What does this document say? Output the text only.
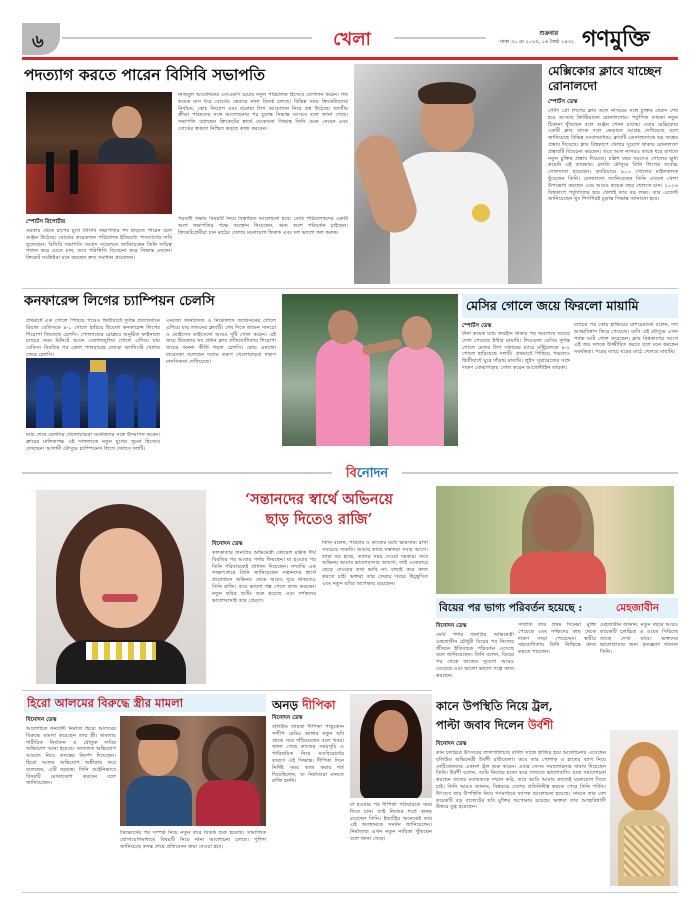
৬	খেলা	শুক্রবার
ঢাকা ৩০ মে ২০২৫, ১৬ জৈষ্ঠ ১৪৩২ গণমুক্তি
পদত্যাগ করতে পারেন বিসিবি সভাপতি
স্পোর্টস রিপোর্টার
সরকার থেকে চাপের মুখে বিসিবি সভাপতির পদ ছাড়তে পারেন বলে গুঞ্জন উঠেছে। বোর্ডের কয়েকজন পরিচালক ইতিমধ্যে পদত্যাগের দাবি তুলেছেন। বিসিবি সভাপতি সংবাদ সম্মেলনে জানিয়েছেন তিনি দায়িত্ব পালন করে যেতে চান, তবে পরিস্থিতি বিবেচনা করে সিদ্ধান্ত নেবেন। ক্রিকেট সংশ্লিষ্টরা মনে করছেন দ্রুত সমাধান প্রয়োজন।
নাজমুল আবেদিনের এসএমসি চেয়ার নতুন পরিচালক হিসেবে যোগদান করেন। গত কয়েক মাস ধরে বোর্ডের ভেতরে নানা বিতর্ক চলছে। বিভিন্ন সময় ক্রিকেটারদের নির্বাচন, কোচ নিয়োগ এবং ঘরোয়া লিগ আয়োজন নিয়ে প্রশ্ন উঠেছে। জাতীয় ক্রীড়া পরিষদের সঙ্গে আলোচনার পর চূড়ান্ত সিদ্ধান্ত আসবে বলে জানা গেছে। সভাপতি বলেছেন ক্রিকেটের স্বার্থে যেকোনো সিদ্ধান্ত তিনি মেনে নেবেন এবং বোর্ডের স্বচ্ছতা নিশ্চিত করতে কাজ করবেন।
পরবর্তী সভায় বিষয়টি নিয়ে বিস্তারিত আলোচনা হবে। বোর্ড পরিচালকদের একটি অংশ সভাপতির পক্ষে অবস্থান নিয়েছেন, অন্য অংশ পরিবর্তন চাইছেন। ক্রিকেটপ্রেমীরা চান মাঠের খেলায় মনোযোগ ফিরুক এবং দল ভালো ফল করুক।
মেক্সিকোর ক্লাবে যাচ্ছেন রোনালদো
স্পোর্টস ডেস্ক
সৌদি প্রো লিগের ক্লাব আল নাসরের সঙ্গে চুক্তির মেয়াদ শেষ হয়ে আসছে ক্রিস্টিয়ানো রোনালদোর। পর্তুগিজ তারকা নতুন ঠিকানা খুঁজছেন বলে গুঞ্জন শোনা যাচ্ছে। এবার মেক্সিকোর একটি ক্লাব তাকে দলে ভেড়াতে আগ্রহ দেখিয়েছে বলে জানিয়েছে বিভিন্ন সংবাদমাধ্যম। ক্লাবটি রোনালদোকে বড় অঙ্কের প্রস্তাব দিয়েছে। ক্লাব বিশ্বকাপে খেলার সুযোগ থাকায় রোনালদো প্রস্তাবটি বিবেচনা করছেন। তবে আল নাসরও তাকে ধরে রাখতে নতুন চুক্তির প্রস্তাব দিয়েছে। চল্লিশ বছর বয়সেও গোলের ক্ষুধা কমেনি এই তারকার। চলতি মৌসুমে তিনি লিগের সর্বোচ্চ গোলদাতা হয়েছেন। ক্যারিয়ারে ৯০০ গোলের মাইলফলক ছুঁয়েছেন তিনি। রোনালদো জানিয়েছেন তিনি এখনো খেলা উপভোগ করছেন এবং আরও কয়েক বছর খেলতে চান। ২০২৬ বিশ্বকাপে পর্তুগালের হয়ে খেলাই তার বড় লক্ষ্য। তার এজেন্ট জানিয়েছেন খুব শিগগিরই চূড়ান্ত সিদ্ধান্ত জানানো হবে।
কনফারেন্স লিগের চ্যাম্পিয়ন চেলসি
প্রথমার্ধে এক গোলে পিছিয়ে পড়েও দ্বিতীয়ার্ধে দুর্দান্ত প্রত্যাবর্তনে রিয়াল বেতিসকে ৪-১ গোলে হারিয়ে উয়েফা কনফারেন্স লিগের শিরোপা জিতেছে চেলসি। পোল্যান্ডের রোক্লয়ে অনুষ্ঠিত ফাইনালে ম্যাচের নবম মিনিটে আব্দে এজালজুলির গোলে এগিয়ে যায় বেতিস। বিরতির পর কোল পালমারের জোড়া অ্যাসিস্টে খেলায় ফেরে চেলসি।
এনজো ফার্নান্দেজ ও নিকোলাস জ্যাকসনের গোলে এগিয়ে যায় লন্ডনের ক্লাবটি। শেষ দিকে জাডন সানচো ও মোইসেস কাইসেদো আরও দুটি গোল করেন। এই জয়ে উয়েফার সব প্রধান ক্লাব প্রতিযোগিতার শিরোপা জয়ের অনন্য কীর্তি গড়ল চেলসি। কোচ এনজো মারেসকা বলেছেন দলের তরুণ খেলোয়াড়রা দারুণ মানসিকতা দেখিয়েছে।
ম্যাচ শেষে চেলসির খেলোয়াড়রা সমর্থকদের সঙ্গে উদযাপন করেন। ক্লাবের মালিকপক্ষ এই সাফল্যকে নতুন যুগের সূচনা হিসেবে দেখছেন। আগামী মৌসুমে চ্যাম্পিয়নস লিগে খেলবে দলটি।
মেসির গোলে জয়ে ফিরলো মায়ামি
স্পোর্টস ডেস্ক
টানা কয়েক ম্যাচ জয়হীন থাকার পর অবশেষে জয়ের দেখা পেয়েছে ইন্টার মায়ামি। লিওনেল মেসির দুর্দান্ত গোলে মেজর লিগ সকারের ম্যাচে মন্ট্রিয়লকে ৪-২ গোলে হারিয়েছে দলটি। প্রথমার্ধে পিছিয়ে পড়লেও দ্বিতীয়ার্ধে ঘুরে দাঁড়ায় মায়ামি। লুইস সুয়ারেজের সঙ্গে দারুণ বোঝাপড়ায় গোল করেন আর্জেন্টাইন তারকা।
ম্যাচের পর কোচ হাভিয়ের মাশচেরানো বলেন, দল আত্মবিশ্বাস ফিরে পেয়েছে। মেসি এই মৌসুমে এখন পর্যন্ত আট গোল করেছেন। ক্লাব বিশ্বকাপের আগে এই জয় দলকে উজ্জীবিত করবে বলে মনে করছেন সমর্থকরা। পরের ম্যাচে ঘরের মাঠে খেলবে মায়ামি।
বিনোদন
‘সন্তানদের স্বার্থে অভিনয়ে
ছাড় দিতেও রাজি’
বিনোদন ডেস্ক
কলকাতার জনপ্রিয় অভিনেত্রী কোয়েল মল্লিক দীর্ঘ বিরতির পর আবার পর্দায় ফিরছেন। মা হওয়ার পর তিনি পরিবারকেই প্রাধান্য দিয়েছেন। সম্প্রতি এক সাক্ষাৎকারে তিনি জানিয়েছেন সন্তানদের স্বার্থে প্রয়োজনে অভিনয় থেকে আরও দূরে থাকতেও তিনি রাজি। তবে ভালো গল্প পেলে কাজ করবেন। নতুন ছবির শুটিং শুরু হয়েছে এবং দর্শকদের ভালোবাসাই তার প্রেরণা।
তিনি বলেন, পরিবার ও কাজের মধ্যে ভারসাম্য রাখা সবচেয়ে জরুরি। আমার কাছে সন্তানরা সবার আগে। তারা বড় হচ্ছে, তাদের সময় দেওয়া দরকার। তবে অভিনয় আমার ভালোবাসার জায়গা, তাই একেবারে ছেড়ে দেওয়ার কথা ভাবি না। বাছাই করে কাজ করতে চাই। ভক্তরা তার ফেরার খবরে উচ্ছ্বসিত এবং নতুন ছবির অপেক্ষায় রয়েছেন।
বিয়ের পর ভাগ্য পরিবর্তন হয়েছে :	মেহজাবীন
বিনোদন ডেস্ক
ছোট পর্দার জনপ্রিয় অভিনেত্রী মেহজাবীন চৌধুরী বিয়ের পর নিজের জীবনে ইতিবাচক পরিবর্তন এসেছে বলে জানিয়েছেন। তিনি বলেন, বিয়ের পর থেকে কাজের সুযোগ আরও বেড়েছে এবং ভালো ভালো গল্পে কাজ করছেন।
সম্প্রতি তার প্রথম সিনেমা মুক্তি পেয়েছে এবং দর্শকদের কাছ থেকে দারুণ সাড়া পেয়েছেন। স্বামীর সহযোগিতায় তিনি নিশ্চিন্তে কাজ করতে পারছেন।
মেহজাবীন জানান, নতুন বছরে আরও কয়েকটি চলচ্চিত্র ও ওয়েব সিরিজে তাকে দেখা যাবে। ভক্তদের ভালোবাসার জন্য কৃতজ্ঞতা জানান তিনি।
হিরো আলমের বিরুদ্ধে স্ত্রীর মামলা
বিনোদন ডেস্ক
আলোচিত কনটেন্ট নির্মাতা হিরো আলমের বিরুদ্ধে মামলা করেছেন তার স্ত্রী। মামলায় শারীরিক নির্যাতন ও যৌতুক দাবির অভিযোগ আনা হয়েছে। আদালত অভিযোগ আমলে নিয়ে তদন্তের নির্দেশ দিয়েছেন। হিরো আলম অভিযোগ অস্বীকার করে বলেছেন, এটি ষড়যন্ত্র। তিনি আইনিভাবে বিষয়টি মোকাবেলা করবেন বলে জানিয়েছেন।
ডিভোর্সের পর সম্পর্ক নিয়ে নতুন করে বিতর্ক শুরু হয়েছে। সামাজিক যোগাযোগমাধ্যমে বিষয়টি নিয়ে নানা আলোচনা চলছে। পুলিশ জানিয়েছে তদন্ত শেষে প্রতিবেদন জমা দেওয়া হবে।
অনড় দীপিকা
বিনোদন ডেস্ক
বলিউড তারকা দীপিকা পাড়ুকোন সন্দীপ রেড্ডি ভাঙ্গার নতুন ছবি থেকে সরে দাঁড়িয়েছেন বলে খবর। জানা গেছে কাজের সময়সূচি ও পারিশ্রমিক নিয়ে মতবিরোধের কারণে এই সিদ্ধান্ত। দীপিকা দিনে নির্দিষ্ট সময় কাজ করার শর্ত দিয়েছিলেন, যা নির্মাতারা মানতে রাজি হননি।
মা হওয়ার পর দীপিকা পরিবারকে সময় দিতে চান। তাই নিজের শর্তে অনড় রয়েছেন তিনি। ইন্ডাস্ট্রির অনেকেই তার এই অবস্থানকে সমর্থন জানিয়েছেন। নির্মাতারা এখন নতুন নায়িকা খুঁজছেন বলে জানা গেছে।
কানে উপস্থিতি নিয়ে ট্রল,
পাল্টা জবাব দিলেন উর্বশী
বিনোদন ডেস্ক
কান চলচ্চিত্র উৎসবের লালগালিচায় বর্ণিল সাজে হাজির হয়ে আলোচনায় এসেছেন বলিউড অভিনেত্রী উর্বশী রাউতেলা। তবে তার পোশাক ও হাতের ব্যাগ নিয়ে নেটিজেনদের একাংশ ট্রল শুরু করেন। এবার সেসব সমালোচনার জবাব দিয়েছেন তিনি। উর্বশী বলেন, আমি নিজের মতো করে সাজতে ভালোবাসি। যারা সমালোচনা করছেন তাদের মতামতকে সম্মান করি, তবে আমি আমার কাজেই মনোযোগ দিতে চাই। তিনি আরও জানান, বিশ্বমঞ্চে দেশের প্রতিনিধিত্ব করতে পেরে তিনি গর্বিত। উৎসবে তার উপস্থিতি নিয়ে গণমাধ্যমে ব্যাপক আলোচনা হয়েছে। সামনে তার বেশ কয়েকটি বড় বাজেটের ছবি মুক্তির অপেক্ষায় রয়েছে। ভক্তরা তার আত্মবিশ্বাসী উত্তরে মুগ্ধ হয়েছেন।
